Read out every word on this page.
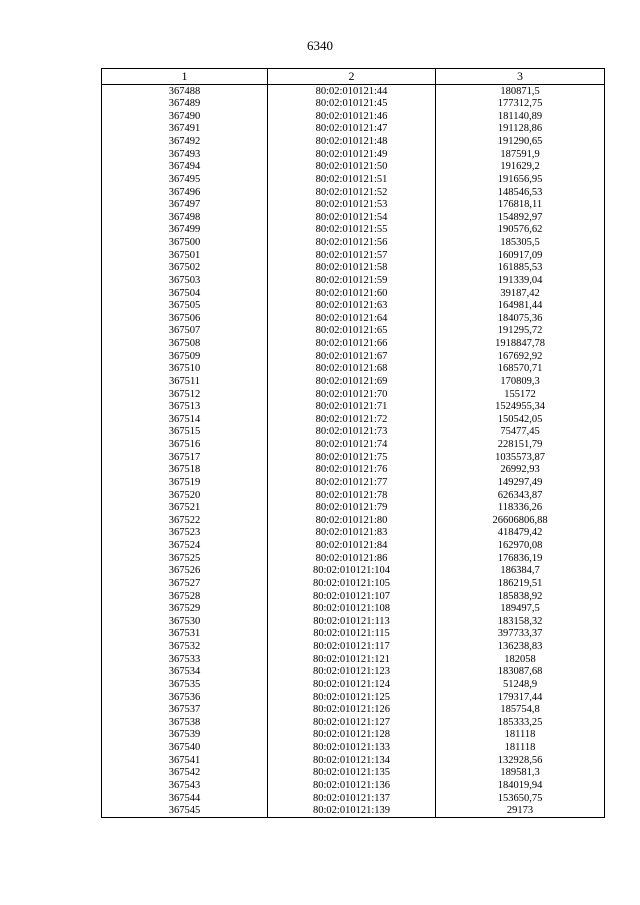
6340
1	2	3
367488	80:02:010121:44	180871,5
367489	80:02:010121:45	177312,75
367490	80:02:010121:46	181140,89
367491	80:02:010121:47	191128,86
367492	80:02:010121:48	191290,65
367493	80:02:010121:49	187591,9
367494	80:02:010121:50	191629,2
367495	80:02:010121:51	191656,95
367496	80:02:010121:52	148546,53
367497	80:02:010121:53	176818,11
367498	80:02:010121:54	154892,97
367499	80:02:010121:55	190576,62
367500	80:02:010121:56	185305,5
367501	80:02:010121:57	160917,09
367502	80:02:010121:58	161885,53
367503	80:02:010121:59	191339,04
367504	80:02:010121:60	39187,42
367505	80:02:010121:63	164981,44
367506	80:02:010121:64	184075,36
367507	80:02:010121:65	191295,72
367508	80:02:010121:66	1918847,78
367509	80:02:010121:67	167692,92
367510	80:02:010121:68	168570,71
367511	80:02:010121:69	170809,3
367512	80:02:010121:70	155172
367513	80:02:010121:71	1524955,34
367514	80:02:010121:72	150542,05
367515	80:02:010121:73	75477,45
367516	80:02:010121:74	228151,79
367517	80:02:010121:75	1035573,87
367518	80:02:010121:76	26992,93
367519	80:02:010121:77	149297,49
367520	80:02:010121:78	626343,87
367521	80:02:010121:79	118336,26
367522	80:02:010121:80	26606806,88
367523	80:02:010121:83	418479,42
367524	80:02:010121:84	162970,08
367525	80:02:010121:86	176836,19
367526	80:02:010121:104	186384,7
367527	80:02:010121:105	186219,51
367528	80:02:010121:107	185838,92
367529	80:02:010121:108	189497,5
367530	80:02:010121:113	183158,32
367531	80:02:010121:115	397733,37
367532	80:02:010121:117	136238,83
367533	80:02:010121:121	182058
367534	80:02:010121:123	183087,68
367535	80:02:010121:124	51248,9
367536	80:02:010121:125	179317,44
367537	80:02:010121:126	185754,8
367538	80:02:010121:127	185333,25
367539	80:02:010121:128	181118
367540	80:02:010121:133	181118
367541	80:02:010121:134	132928,56
367542	80:02:010121:135	189581,3
367543	80:02:010121:136	184019,94
367544	80:02:010121:137	153650,75
367545	80:02:010121:139	29173
